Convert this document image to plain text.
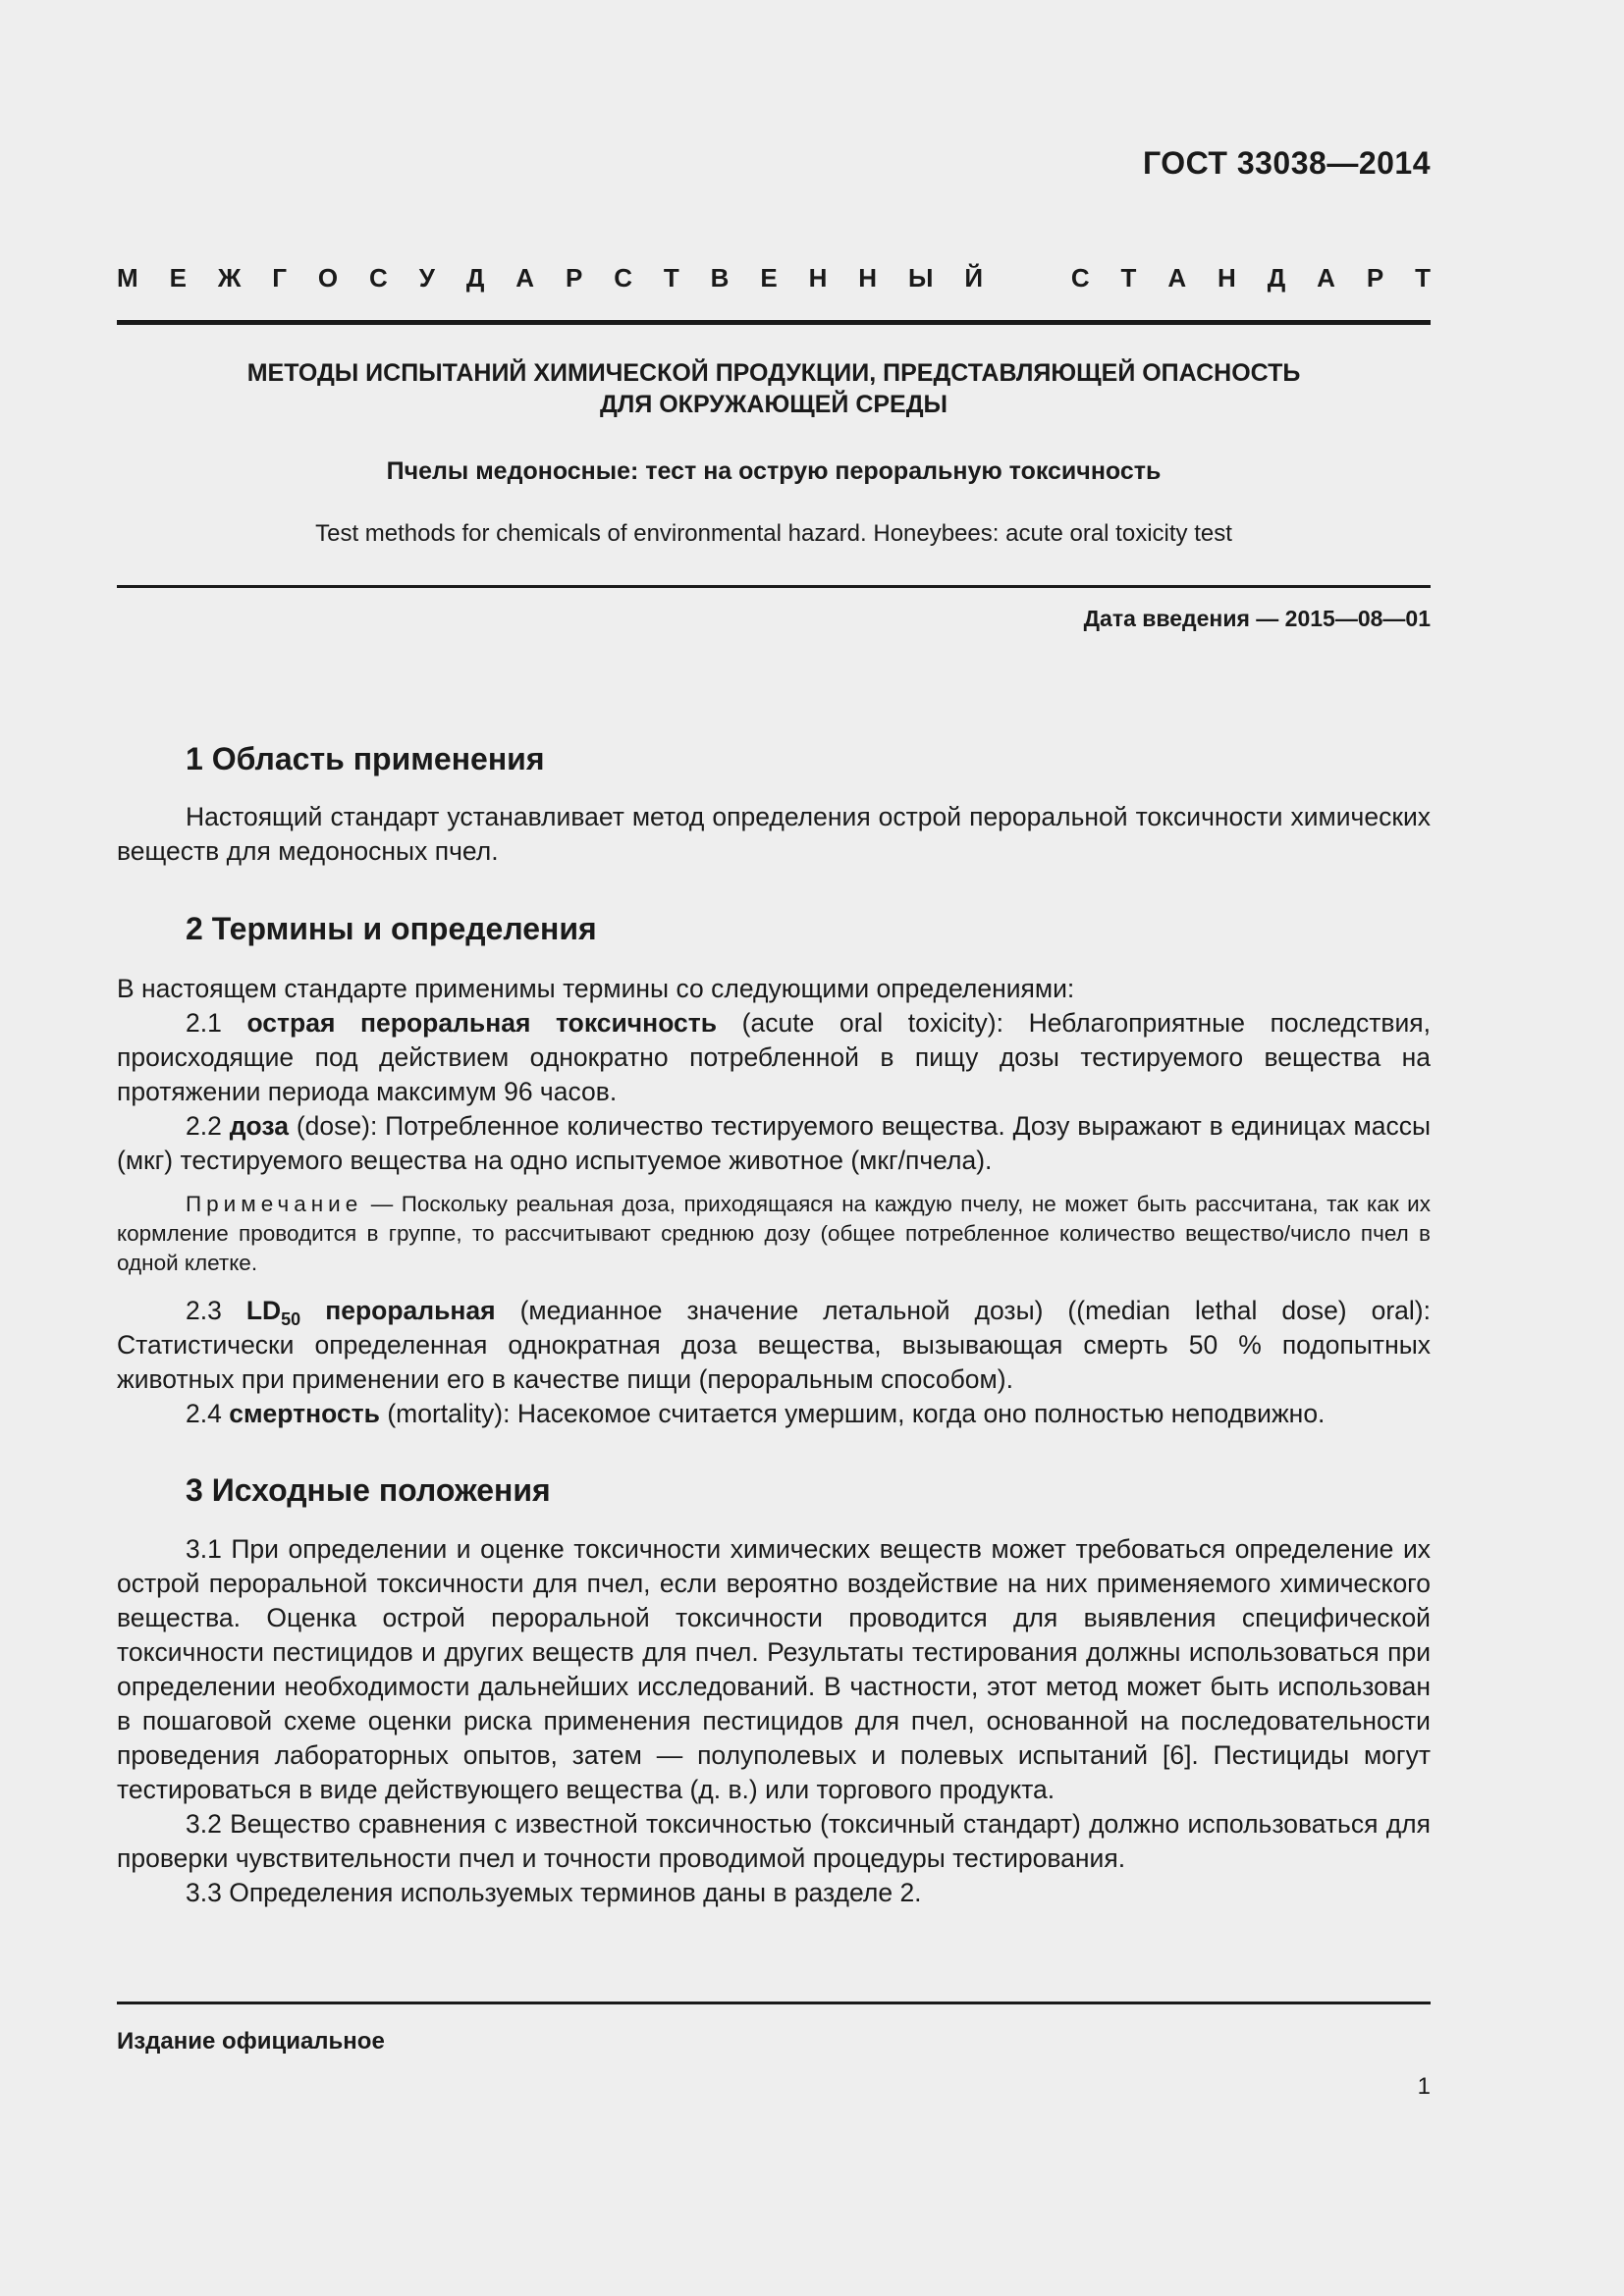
ГОСТ 33038—2014
М Е Ж Г О С У Д А Р С Т В Е Н Н Ы Й	С Т А Н Д А Р Т
МЕТОДЫ ИСПЫТАНИЙ ХИМИЧЕСКОЙ ПРОДУКЦИИ, ПРЕДСТАВЛЯЮЩЕЙ ОПАСНОСТЬ
ДЛЯ ОКРУЖАЮЩЕЙ СРЕДЫ
Пчелы медоносные: тест на острую пероральную токсичность
Test methods for chemicals of environmental hazard. Honeybees: acute oral toxicity test
Дата введения — 2015—08—01
1 Область применения
Настоящий стандарт устанавливает метод определения острой пероральной токсичности химических веществ для медоносных пчел.
2 Термины и определения
В настоящем стандарте применимы термины со следующими определениями:
2.1 острая пероральная токсичность (acute oral toxicity): Неблагоприятные последствия, происходящие под действием однократно потребленной в пищу дозы тестируемого вещества на протяжении периода максимум 96 часов.
2.2 доза (dose): Потребленное количество тестируемого вещества. Дозу выражают в единицах массы (мкг) тестируемого вещества на одно испытуемое животное (мкг/пчела).
Примечание — Поскольку реальная доза, приходящаяся на каждую пчелу, не может быть рассчитана, так как их кормление проводится в группе, то рассчитывают среднюю дозу (общее потребленное количество вещество/число пчел в одной клетке.
2.3 $LD_{50}$ пероральная (медианное значение летальной дозы) ((median lethal dose) oral): Статистически определенная однократная доза вещества, вызывающая смерть 50 % подопытных животных при применении его в качестве пищи (пероральным способом).
2.4 смертность (mortality): Насекомое считается умершим, когда оно полностью неподвижно.
3 Исходные положения
3.1 При определении и оценке токсичности химических веществ может требоваться определение их острой пероральной токсичности для пчел, если вероятно воздействие на них применяемого химического вещества. Оценка острой пероральной токсичности проводится для выявления специфической токсичности пестицидов и других веществ для пчел. Результаты тестирования должны использоваться при определении необходимости дальнейших исследований. В частности, этот метод может быть использован в пошаговой схеме оценки риска применения пестицидов для пчел, основанной на последовательности проведения лабораторных опытов, затем — полуполевых и полевых испытаний [6]. Пестициды могут тестироваться в виде действующего вещества (д. в.) или торгового продукта.
3.2 Вещество сравнения с известной токсичностью (токсичный стандарт) должно использоваться для проверки чувствительности пчел и точности проводимой процедуры тестирования.
3.3 Определения используемых терминов даны в разделе 2.
Издание официальное
1
